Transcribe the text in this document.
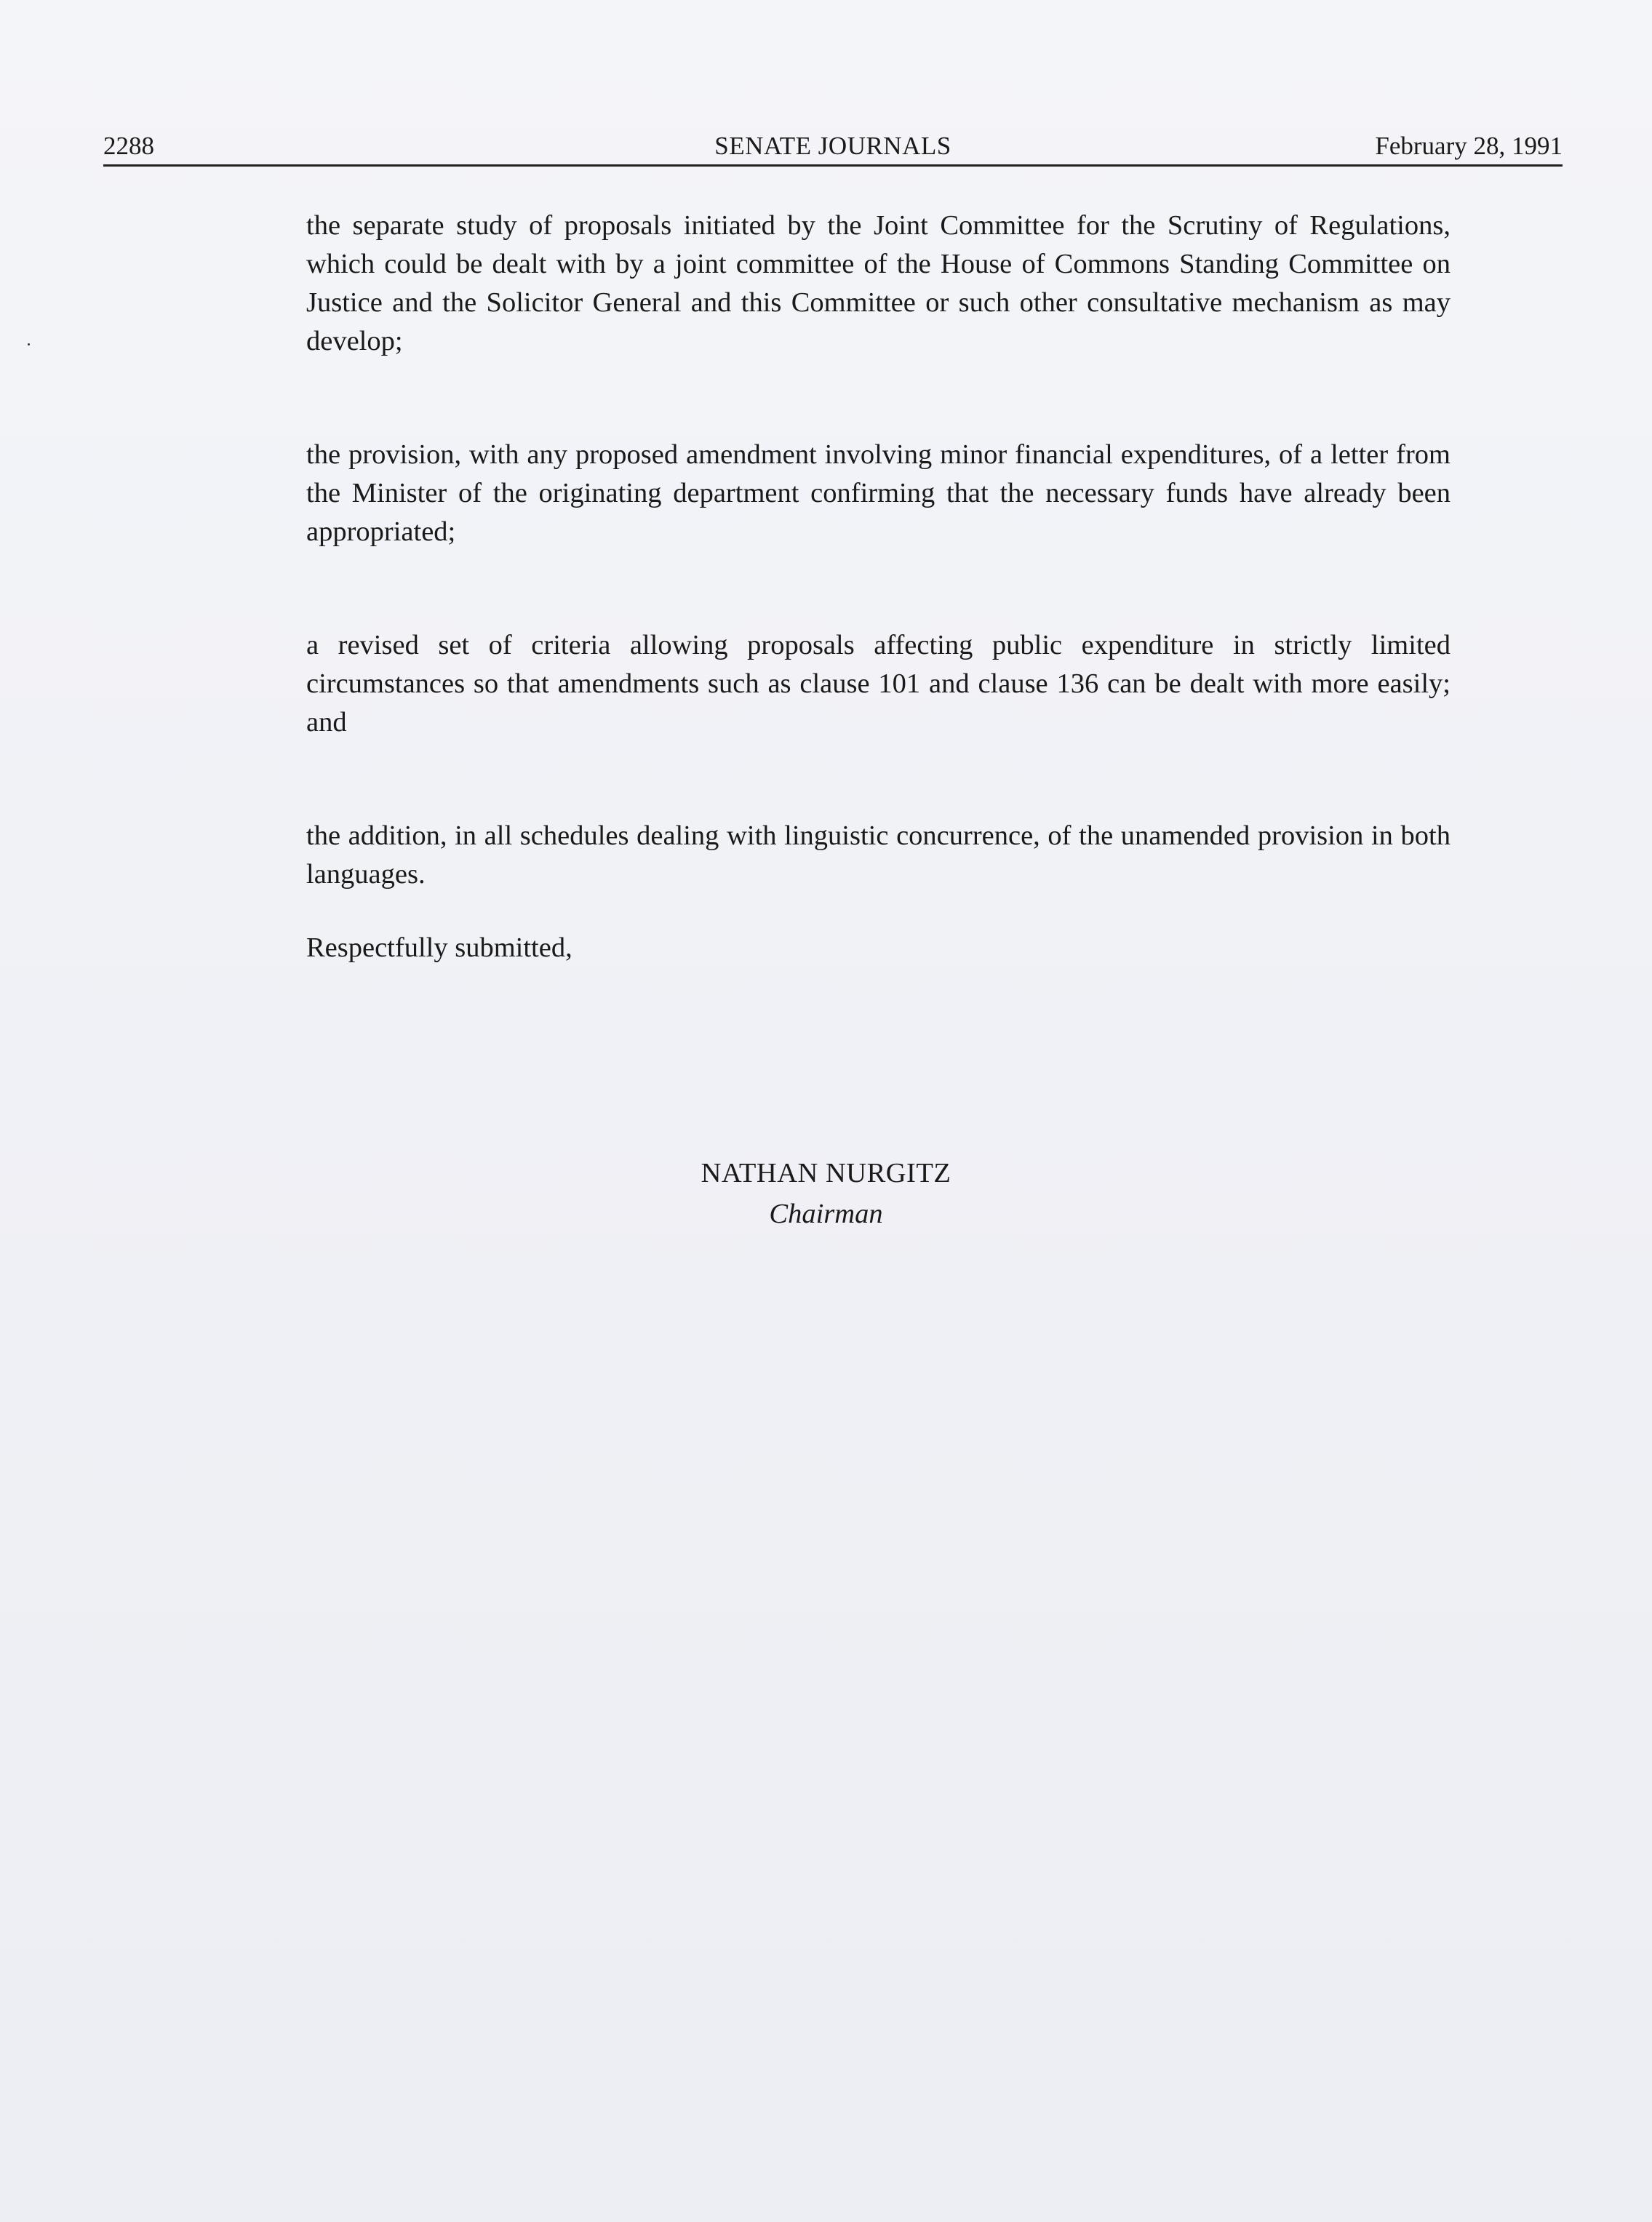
2288	SENATE JOURNALS	February 28, 1991

the separate study of proposals initiated by the Joint Committee for the Scrutiny of Regulations, which could be dealt with by a joint committee of the House of Commons Standing Committee on Justice and the Solicitor General and this Committee or such other consultative mechanism as may develop;

the provision, with any proposed amendment involving minor financial expenditures, of a letter from the Minister of the originating department confirming that the necessary funds have already been appropriated;

a revised set of criteria allowing proposals affecting public expenditure in strictly limited circumstances so that amendments such as clause 101 and clause 136 can be dealt with more easily; and

the addition, in all schedules dealing with linguistic concurrence, of the unamended provision in both languages.

Respectfully submitted,
NATHAN NURGITZ
Chairman
